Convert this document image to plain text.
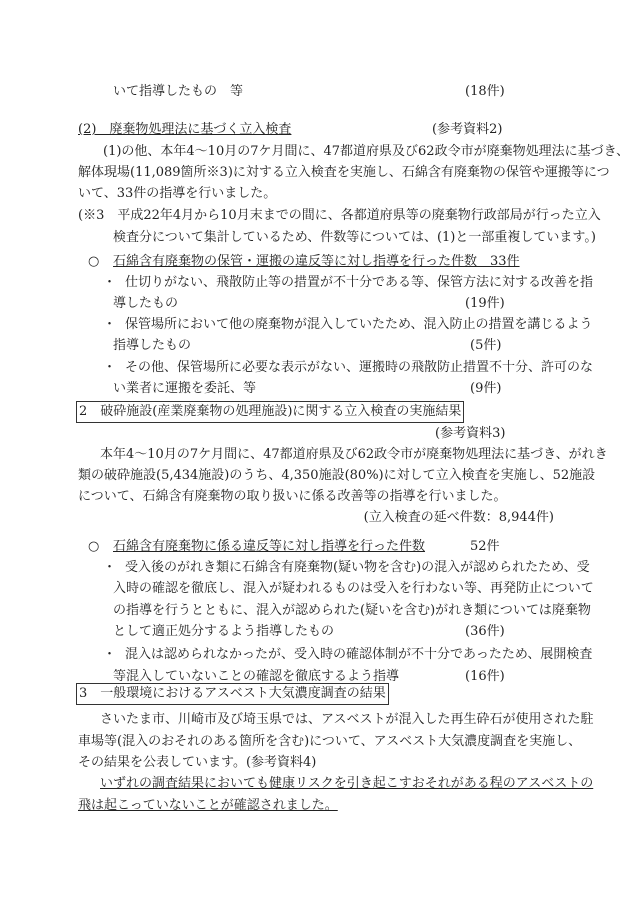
いて指導したもの　等	(18件)
(2)　廃棄物処理法に基づく立入検査	(参考資料2)
(1)の他、本年4～10月の7ケ月間に、47都道府県及び62政令市が廃棄物処理法に基づき、
解体現場(11,089箇所※3)に対する立入検査を実施し、石綿含有廃棄物の保管や運搬等につ
いて、33件の指導を行いました。
(※3　平成22年4月から10月末までの間に、各都道府県等の廃棄物行政部局が行った立入
検査分について集計しているため、件数等については、(1)と一部重複しています。)
○ 石綿含有廃棄物の保管・運搬の違反等に対し指導を行った件数　33件
・ 仕切りがない、飛散防止等の措置が不十分である等、保管方法に対する改善を指
導したもの	(19件)
・ 保管場所において他の廃棄物が混入していたため、混入防止の措置を講じるよう
指導したもの	(5件)
・ その他、保管場所に必要な表示がない、運搬時の飛散防止措置不十分、許可のな
い業者に運搬を委託、等	(9件)
2　破砕施設(産業廃棄物の処理施設)に関する立入検査の実施結果
(参考資料3)
本年4～10月の7ケ月間に、47都道府県及び62政令市が廃棄物処理法に基づき、がれき
類の破砕施設(5,434施設)のうち、4,350施設(80%)に対して立入検査を実施し、52施設
について、石綿含有廃棄物の取り扱いに係る改善等の指導を行いました。
(立入検査の延べ件数：8,944件)
○ 石綿含有廃棄物に係る違反等に対し指導を行った件数	52件
・ 受入後のがれき類に石綿含有廃棄物(疑い物を含む)の混入が認められたため、受
入時の確認を徹底し、混入が疑われるものは受入を行わない等、再発防止について
の指導を行うとともに、混入が認められた(疑いを含む)がれき類については廃棄物
として適正処分するよう指導したもの	(36件)
・ 混入は認められなかったが、受入時の確認体制が不十分であったため、展開検査
等混入していないことの確認を徹底するよう指導	(16件)
3　一般環境におけるアスベスト大気濃度調査の結果
さいたま市、川崎市及び埼玉県では、アスベストが混入した再生砕石が使用された駐
車場等(混入のおそれのある箇所を含む)について、アスベスト大気濃度調査を実施し、
その結果を公表しています。(参考資料4)
いずれの調査結果においても健康リスクを引き起こすおそれがある程のアスベストの
飛は起こっていないことが確認されました。
